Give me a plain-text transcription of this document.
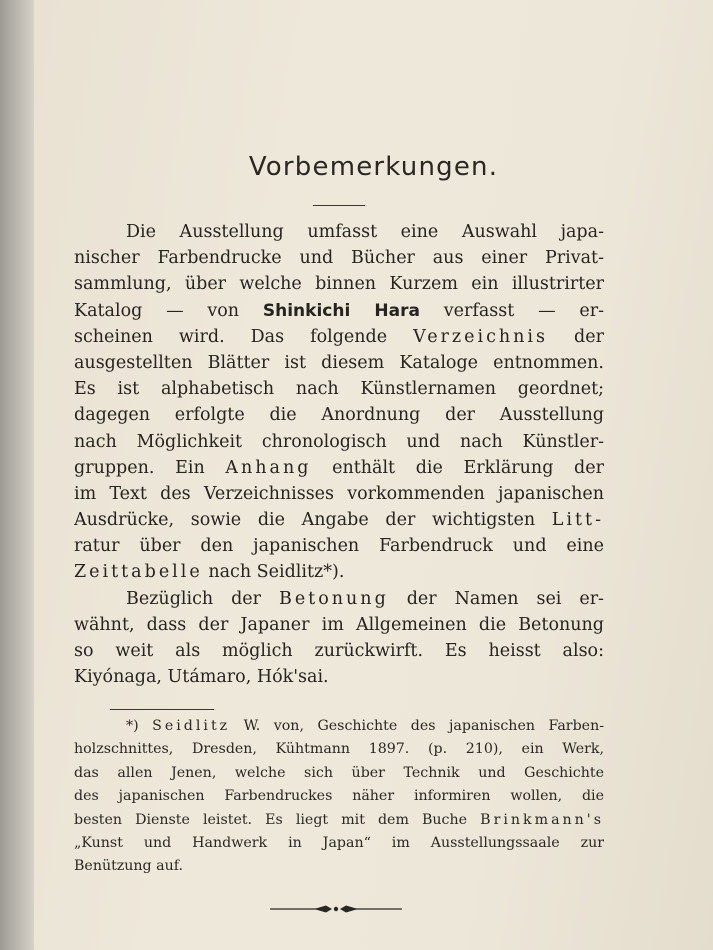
Vorbemerkungen.
Die Ausstellung umfasst eine Auswahl japa-
nischer Farbendrucke und Bücher aus einer Privat-
sammlung, über welche binnen Kurzem ein illustrirter
Katalog — von Shinkichi Hara verfasst — er-
scheinen wird. Das folgende Verzeichnis der
ausgestellten Blätter ist diesem Kataloge entnommen.
Es ist alphabetisch nach Künstlernamen geordnet;
dagegen erfolgte die Anordnung der Ausstellung
nach Möglichkeit chronologisch und nach Künstler-
gruppen. Ein Anhang enthält die Erklärung der
im Text des Verzeichnisses vorkommenden japanischen
Ausdrücke, sowie die Angabe der wichtigsten Litt-
ratur über den japanischen Farbendruck und eine
Zeittabelle nach Seidlitz*).
Bezüglich der Betonung der Namen sei er-
wähnt, dass der Japaner im Allgemeinen die Betonung
so weit als möglich zurückwirft. Es heisst also:
Kiyónaga, Utámaro, Hók'sai.
*) Seidlitz W. von, Geschichte des japanischen Farben-
holzschnittes, Dresden, Kühtmann 1897. (p. 210), ein Werk,
das allen Jenen, welche sich über Technik und Geschichte
des japanischen Farbendruckes näher informiren wollen, die
besten Dienste leistet. Es liegt mit dem Buche Brinkmann's
„Kunst und Handwerk in Japan“ im Ausstellungssaale zur
Benützung auf.
